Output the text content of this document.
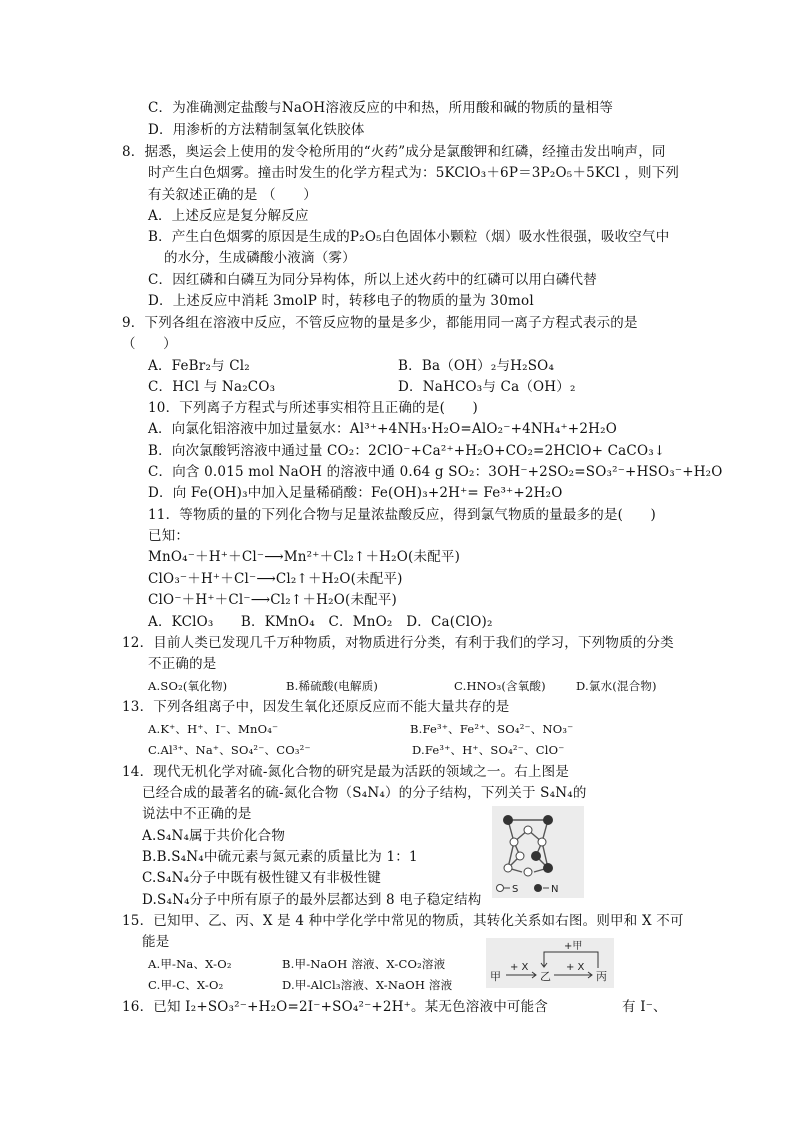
C．为准确测定盐酸与NaOH溶液反应的中和热，所用酸和碱的物质的量相等
D．用渗析的方法精制氢氧化铁胶体
8．据悉，奥运会上使用的发令枪所用的“火药”成分是氯酸钾和红磷，经撞击发出响声，同
时产生白色烟雾。撞击时发生的化学方程式为：5KClO₃＋6P＝3P₂O₅＋5KCl ，则下列
有关叙述正确的是 （　　）
A．上述反应是复分解反应
B．产生白色烟雾的原因是生成的P₂O₅白色固体小颗粒（烟）吸水性很强，吸收空气中
的水分，生成磷酸小液滴（雾）
C．因红磷和白磷互为同分异构体，所以上述火药中的红磷可以用白磷代替
D．上述反应中消耗 3molP 时，转移电子的物质的量为 30mol
9．下列各组在溶液中反应，不管反应物的量是多少，都能用同一离子方程式表示的是
（　　）
A．FeBr₂与 Cl₂	B．Ba（OH）₂与H₂SO₄
C．HCl 与 Na₂CO₃	D．NaHCO₃与 Ca（OH）₂
10．下列离子方程式与所述事实相符且正确的是(　　)
A．向氯化铝溶液中加过量氨水：Al³⁺+4NH₃·H₂O=AlO₂⁻+4NH₄⁺+2H₂O
B．向次氯酸钙溶液中通过量 CO₂：2ClO⁻+Ca²⁺+H₂O+CO₂=2HClO+ CaCO₃↓
C．向含 0.015 mol NaOH 的溶液中通 0.64 g SO₂：3OH⁻+2SO₂=SO₃²⁻+HSO₃⁻+H₂O
D．向 Fe(OH)₃中加入足量稀硝酸：Fe(OH)₃+2H⁺= Fe³⁺+2H₂O
11．等物质的量的下列化合物与足量浓盐酸反应，得到氯气物质的量最多的是(　　)
已知：
MnO₄⁻＋H⁺＋Cl⁻⟶Mn²⁺＋Cl₂↑＋H₂O(未配平)
ClO₃⁻＋H⁺＋Cl⁻⟶Cl₂↑＋H₂O(未配平)
ClO⁻＋H⁺＋Cl⁻⟶Cl₂↑＋H₂O(未配平)
A．KClO₃　　B．KMnO₄　C．MnO₂　D．Ca(ClO)₂
12．目前人类已发现几千万种物质，对物质进行分类，有利于我们的学习，下列物质的分类
不正确的是
A.SO₂(氧化物)	B.稀硫酸(电解质)	C.HNO₃(含氧酸)	D.氯水(混合物)
13．下列各组离子中，因发生氧化还原反应而不能大量共存的是
A.K⁺、H⁺、I⁻、MnO₄⁻	B.Fe³⁺、Fe²⁺、SO₄²⁻、NO₃⁻
C.Al³⁺、Na⁺、SO₄²⁻、CO₃²⁻	D.Fe³⁺、H⁺、SO₄²⁻、ClO⁻
14．现代无机化学对硫-氮化合物的研究是最为活跃的领域之一。右上图是
已经合成的最著名的硫-氮化合物（S₄N₄）的分子结构，下列关于 S₄N₄的
说法中不正确的是
A.S₄N₄属于共价化合物
B.B.S₄N₄中硫元素与氮元素的质量比为 1：1
C.S₄N₄分子中既有极性键又有非极性键
D.S₄N₄分子中所有原子的最外层都达到 8 电子稳定结构
S	N
15．已知甲、乙、丙、X 是 4 种中学化学中常见的物质，其转化关系如右图。则甲和 X 不可
能是
A.甲-Na、X-O₂	B.甲-NaOH 溶液、X-CO₂溶液
C.甲-C、X-O₂	D.甲-AlCl₃溶液、X-NaOH 溶液
+甲
+ X	+ X
甲	乙	丙
16．已知 I₂+SO₃²⁻+H₂O=2I⁻+SO₄²⁻+2H⁺。某无色溶液中可能含	有 I⁻、
